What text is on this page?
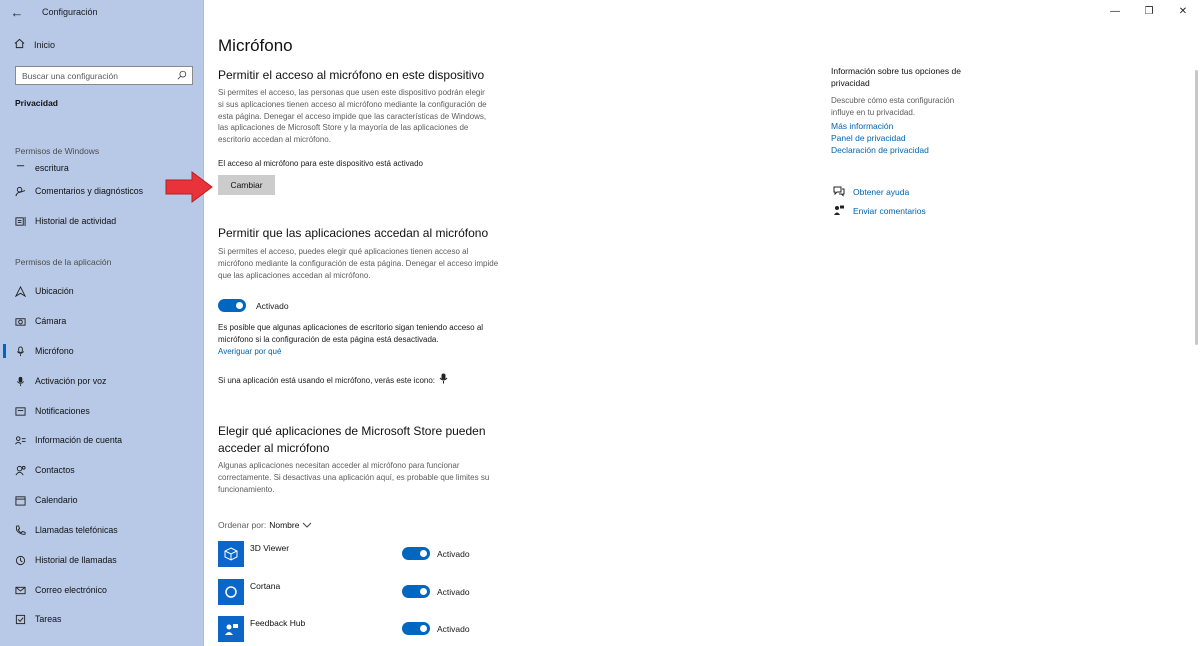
← Configuración
Inicio
Buscar una configuración
Privacidad
Permisos de Windows
escritura
Comentarios y diagnósticos
Historial de actividad
Permisos de la aplicación
Ubicación
Cámara
Micrófono
Activación por voz
Notificaciones
Información de cuenta
Contactos
Calendario
Llamadas telefónicas
Historial de llamadas
Correo electrónico
Tareas
—	❐	✕
Micrófono
Permitir el acceso al micrófono en este dispositivo
Si permites el acceso, las personas que usen este dispositivo podrán elegir si sus aplicaciones tienen acceso al micrófono mediante la configuración de esta página. Denegar el acceso impide que las características de Windows, las aplicaciones de Microsoft Store y la mayoría de las aplicaciones de escritorio accedan al micrófono.
El acceso al micrófono para este dispositivo está activado
Cambiar
Permitir que las aplicaciones accedan al micrófono
Si permites el acceso, puedes elegir qué aplicaciones tienen acceso al micrófono mediante la configuración de esta página. Denegar el acceso impide que las aplicaciones accedan al micrófono.
Activado
Es posible que algunas aplicaciones de escritorio sigan teniendo acceso al micrófono si la configuración de esta página está desactivada.
Averiguar por qué
Si una aplicación está usando el micrófono, verás este icono:
Elegir qué aplicaciones de Microsoft Store pueden
acceder al micrófono
Algunas aplicaciones necesitan acceder al micrófono para funcionar correctamente. Si desactivas una aplicación aquí, es probable que limites su funcionamiento.
Ordenar por: Nombre
3D Viewer
Activado
Cortana
Activado
Feedback Hub
Activado
Información sobre tus opciones de privacidad
Descubre cómo esta configuración influye en tu privacidad.
Más información
Panel de privacidad
Declaración de privacidad
Obtener ayuda
Enviar comentarios
